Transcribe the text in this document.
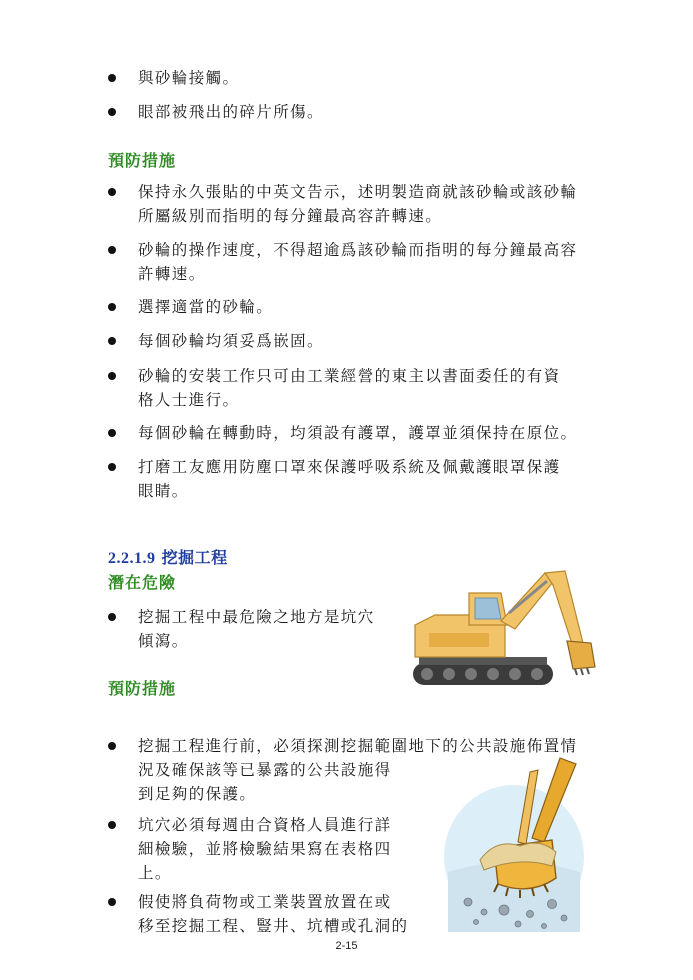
與砂輪接觸。
眼部被飛出的碎片所傷。
預防措施
保持永久張貼的中英文告示，述明製造商就該砂輪或該砂輪
所屬級別而指明的每分鐘最高容許轉速。
砂輪的操作速度，不得超逾爲該砂輪而指明的每分鐘最高容
許轉速。
選擇適當的砂輪。
每個砂輪均須妥爲嵌固。
砂輪的安裝工作只可由工業經營的東主以書面委任的有資
格人士進行。
每個砂輪在轉動時，均須設有護罩，護罩並須保持在原位。
打磨工友應用防塵口罩來保護呼吸系統及佩戴護眼罩保護
眼睛。
2.2.1.9 挖掘工程
潛在危險
挖掘工程中最危險之地方是坑穴
傾瀉。
預防措施
挖掘工程進行前，必須探測挖掘範圍地下的公共設施佈置情
況及確保該等已暴露的公共設施得
到足夠的保護。
坑穴必須每週由合資格人員進行詳
細檢驗，並將檢驗結果寫在表格四
上。
假使將負荷物或工業裝置放置在或
移至挖掘工程、豎井、坑槽或孔洞的
2-15
